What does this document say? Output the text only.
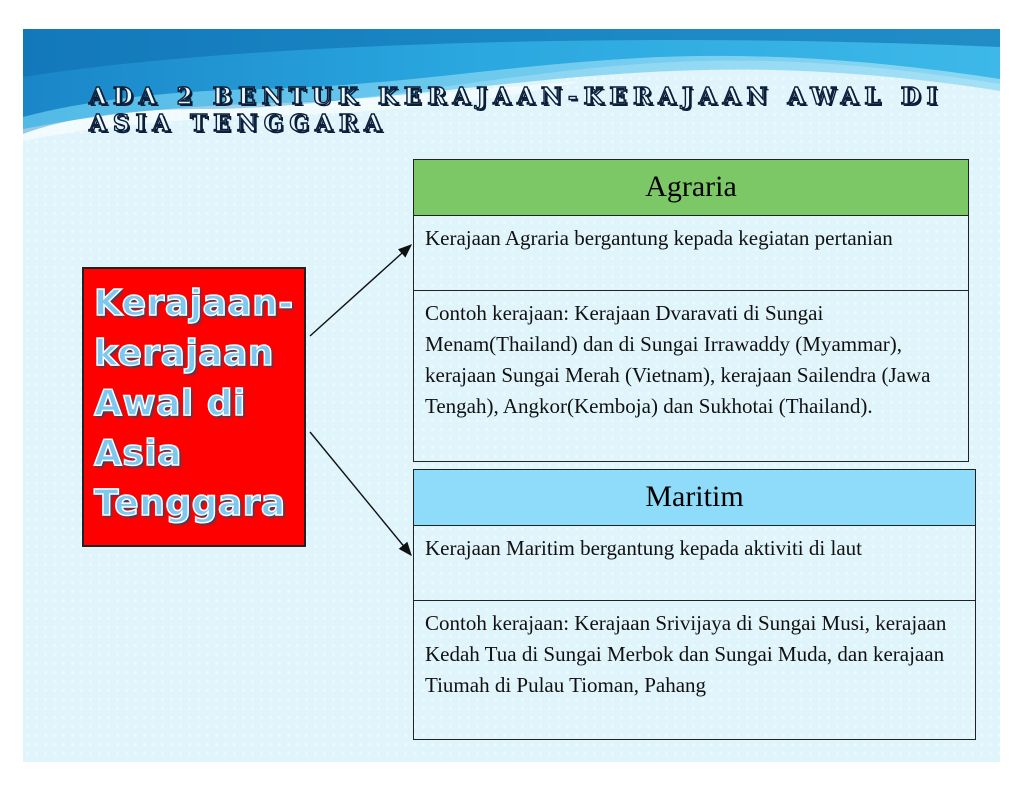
ADA 2 BENTUK KERAJAAN-KERAJAAN AWAL DI ASIA TENGGARA

Kerajaan-
kerajaan
Awal di
Asia
Tenggara

Agraria
Kerajaan Agraria bergantung kepada kegiatan pertanian
Contoh kerajaan: Kerajaan Dvaravati di Sungai Menam(Thailand) dan di Sungai Irrawaddy (Myammar), kerajaan Sungai Merah (Vietnam), kerajaan Sailendra (Jawa Tengah), Angkor(Kemboja) dan Sukhotai (Thailand).
Maritim
Kerajaan Maritim bergantung kepada aktiviti di laut
Contoh kerajaan: Kerajaan Srivijaya di Sungai Musi, kerajaan Kedah Tua di Sungai Merbok dan Sungai Muda, dan kerajaan Tiumah di Pulau Tioman, Pahang
